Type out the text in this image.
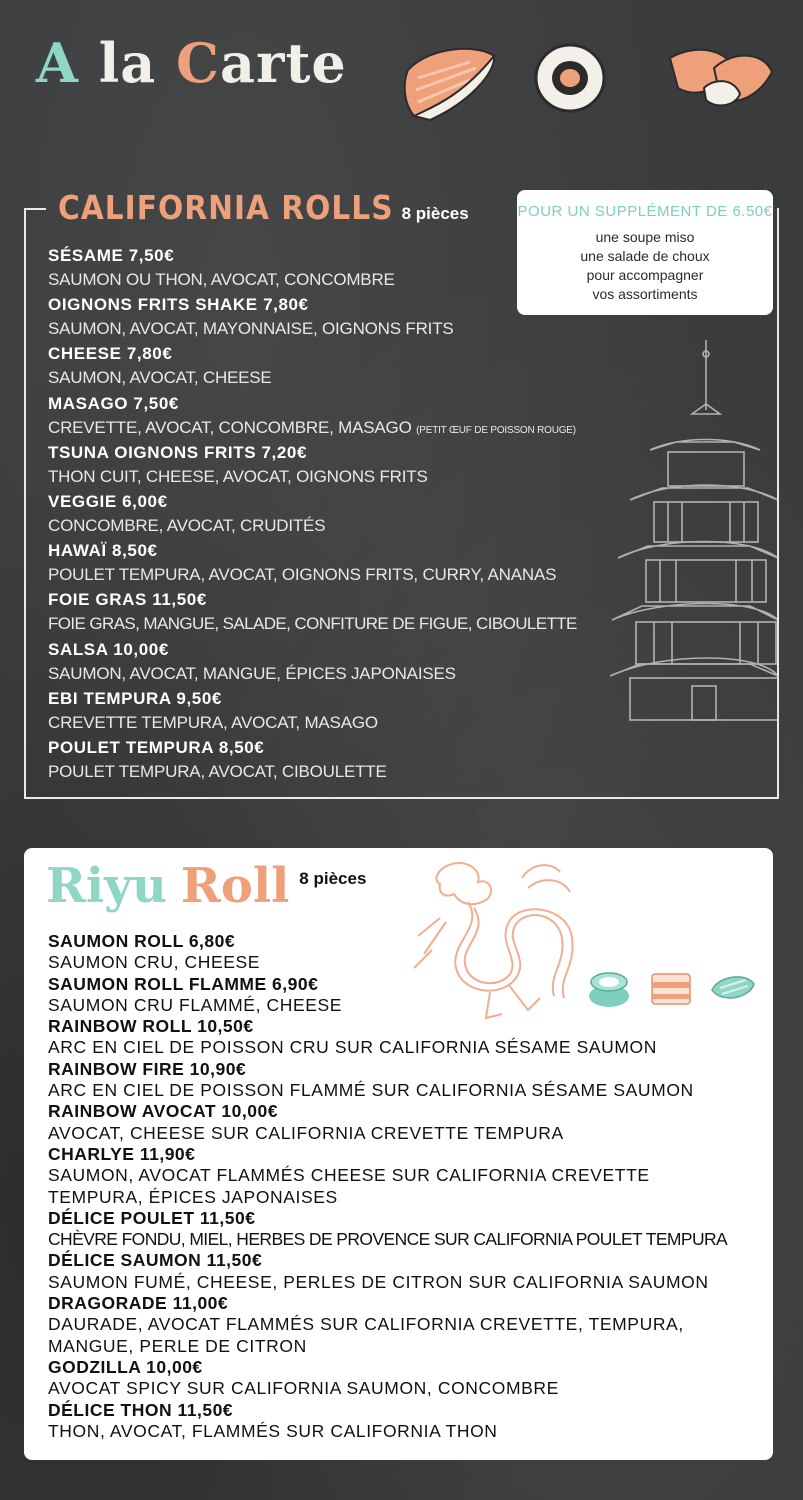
A la Carte
CALIFORNIA ROLLS 8 pièces	POUR UN SUPPLÉMENT DE 6.50€
une soupe miso
une salade de choux
pour accompagner
vos assortiments
SÉSAME 7,50€
SAUMON OU THON, AVOCAT, CONCOMBRE
OIGNONS FRITS SHAKE 7,80€
SAUMON, AVOCAT, MAYONNAISE, OIGNONS FRITS
CHEESE 7,80€
SAUMON, AVOCAT, CHEESE
MASAGO 7,50€
CREVETTE, AVOCAT, CONCOMBRE, MASAGO (PETIT ŒUF DE POISSON ROUGE)
TSUNA OIGNONS FRITS 7,20€
THON CUIT, CHEESE, AVOCAT, OIGNONS FRITS
VEGGIE 6,00€
CONCOMBRE, AVOCAT, CRUDITÉS
HAWAÏ 8,50€
POULET TEMPURA, AVOCAT, OIGNONS FRITS, CURRY, ANANAS
FOIE GRAS 11,50€
FOIE GRAS, MANGUE, SALADE, CONFITURE DE FIGUE, CIBOULETTE
SALSA 10,00€
SAUMON, AVOCAT, MANGUE, ÉPICES JAPONAISES
EBI TEMPURA 9,50€
CREVETTE TEMPURA, AVOCAT, MASAGO
POULET TEMPURA 8,50€
POULET TEMPURA, AVOCAT, CIBOULETTE
Riyu Roll $^{8 pièces}$
SAUMON ROLL 6,80€
SAUMON CRU, CHEESE
SAUMON ROLL FLAMME 6,90€
SAUMON CRU FLAMMÉ, CHEESE
RAINBOW ROLL 10,50€
ARC EN CIEL DE POISSON CRU SUR CALIFORNIA SÉSAME SAUMON
RAINBOW FIRE 10,90€
ARC EN CIEL DE POISSON FLAMMÉ SUR CALIFORNIA SÉSAME SAUMON
RAINBOW AVOCAT 10,00€
AVOCAT, CHEESE SUR CALIFORNIA CREVETTE TEMPURA
CHARLYE 11,90€
SAUMON, AVOCAT FLAMMÉS CHEESE SUR CALIFORNIA CREVETTE TEMPURA, ÉPICES JAPONAISES
DÉLICE POULET 11,50€
CHÈVRE FONDU, MIEL, HERBES DE PROVENCE SUR CALIFORNIA POULET TEMPURA
DÉLICE SAUMON 11,50€
SAUMON FUMÉ, CHEESE, PERLES DE CITRON SUR CALIFORNIA SAUMON
DRAGORADE 11,00€
DAURADE, AVOCAT FLAMMÉS SUR CALIFORNIA CREVETTE, TEMPURA, MANGUE, PERLE DE CITRON
GODZILLA 10,00€
AVOCAT SPICY SUR CALIFORNIA SAUMON, CONCOMBRE
DÉLICE THON 11,50€
THON, AVOCAT, FLAMMÉS SUR CALIFORNIA THON
